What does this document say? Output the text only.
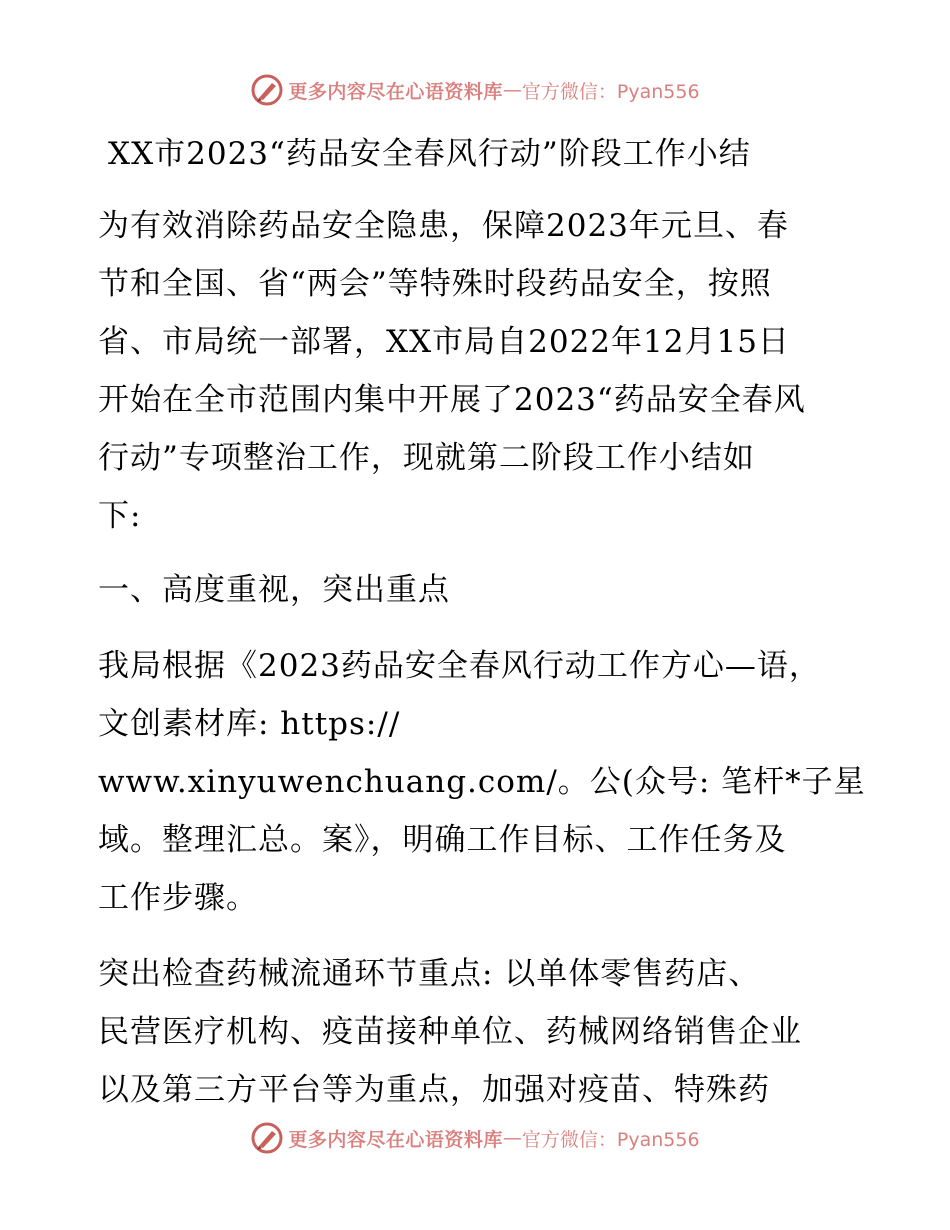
更多内容尽在心语资料库 — 官方微信：Pyan556
XX市2023“药品安全春风行动”阶段工作小结
为有效消除药品安全隐患，保障2023年元旦、春
节和全国、省“两会”等特殊时段药品安全，按照
省、市局统一部署，XX市局自2022年12月15日
开始在全市范围内集中开展了2023“药品安全春风
行动”专项整治工作，现就第二阶段工作小结如
下:
一、高度重视，突出重点
我局根据《2023药品安全春风行动工作方心—语，
文创素材库: https://
www.xinyuwenchuang.com/。公(众号: 笔杆*子星
域。整理汇总。案》，明确工作目标、工作任务及
工作步骤。
突出检查药械流通环节重点: 以单体零售药店、
民营医疗机构、疫苗接种单位、药械网络销售企业
以及第三方平台等为重点，加强对疫苗、特殊药
更多内容尽在心语资料库 — 官方微信：Pyan556
